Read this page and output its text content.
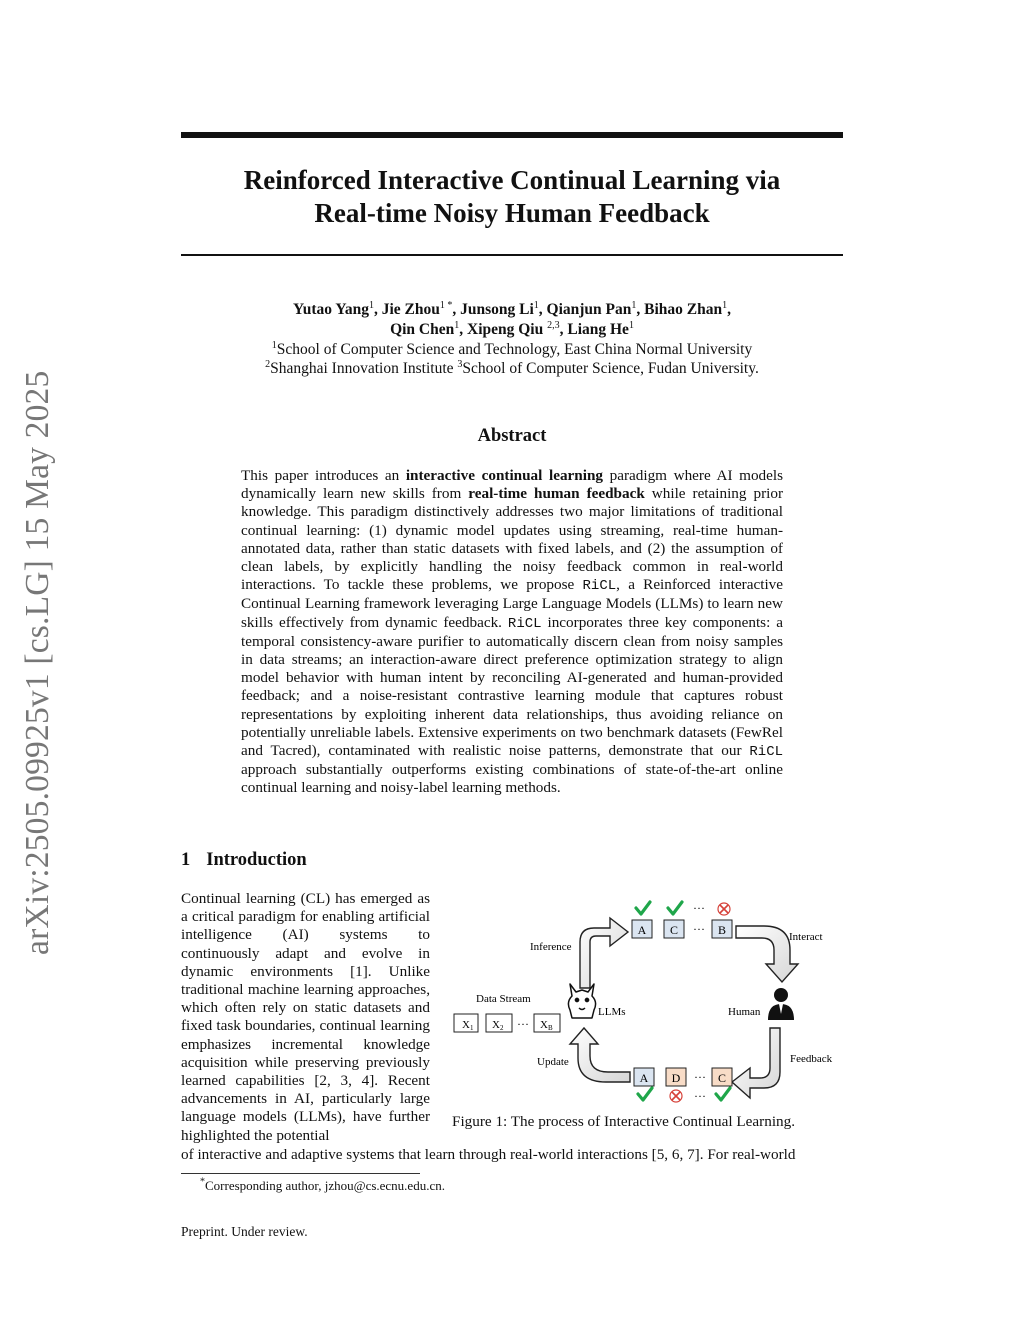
Reinforced Interactive Continual Learning via
Real-time Noisy Human Feedback
Yutao Yang$^1$, Jie Zhou$^{1 *}$, Junsong Li$^1$, Qianjun Pan$^1$, Bihao Zhan$^1$,
Qin Chen$^1$, Xipeng Qiu $^{2,3}$, Liang He$^1$
$^1$School of Computer Science and Technology, East China Normal University
$^2$Shanghai Innovation Institute $^3$School of Computer Science, Fudan University.
arXiv:2505.09925v1 [cs.LG] 15 May 2025	Abstract
This paper introduces an interactive continual learning paradigm where AI models dynamically learn new skills from real-time human feedback while retaining prior knowledge. This paradigm distinctively addresses two major limitations of traditional continual learning: (1) dynamic model updates using streaming, real-time human-annotated data, rather than static datasets with fixed labels, and (2) the assumption of clean labels, by explicitly handling the noisy feedback common in real-world interactions. To tackle these problems, we propose RiCL, a Reinforced interactive Continual Learning framework leveraging Large Language Models (LLMs) to learn new skills effectively from dynamic feedback. RiCL incorporates three key components: a temporal consistency-aware purifier to automatically discern clean from noisy samples in data streams; an interaction-aware direct preference optimization strategy to align model behavior with human intent by reconciling AI-generated and human-provided feedback; and a noise-resistant contrastive learning module that captures robust representations by exploiting inherent data relationships, thus avoiding reliance on potentially unreliable labels. Extensive experiments on two benchmark datasets (FewRel and Tacred), contaminated with realistic noise patterns, demonstrate that our RiCL approach substantially outperforms existing combinations of state-of-the-art online continual learning and noisy-label learning methods.
1 Introduction
Continual learning (CL) has emerged as a critical paradigm for enabling artificial intelligence (AI) systems to continuously adapt and evolve in dynamic environments [1]. Unlike traditional machine learning approaches, which often rely on static datasets and fixed task boundaries, continual learning emphasizes incremental knowledge acquisition while preserving previously learned capabilities [2, 3, 4]. Recent advancements in AI, particularly large language models (LLMs), have further highlighted the potential
of interactive and adaptive systems that learn through real-world interactions [5, 6, 7]. For real-world
A C ··· B
···
A D ··· C
···
Inference
Interact
Data Stream
LLMs	Human
Update	Feedback
X 1 X 2 ··· X B
Figure 1: The process of Interactive Continual Learning.
*Corresponding author, jzhou@cs.ecnu.edu.cn.
Preprint. Under review.
